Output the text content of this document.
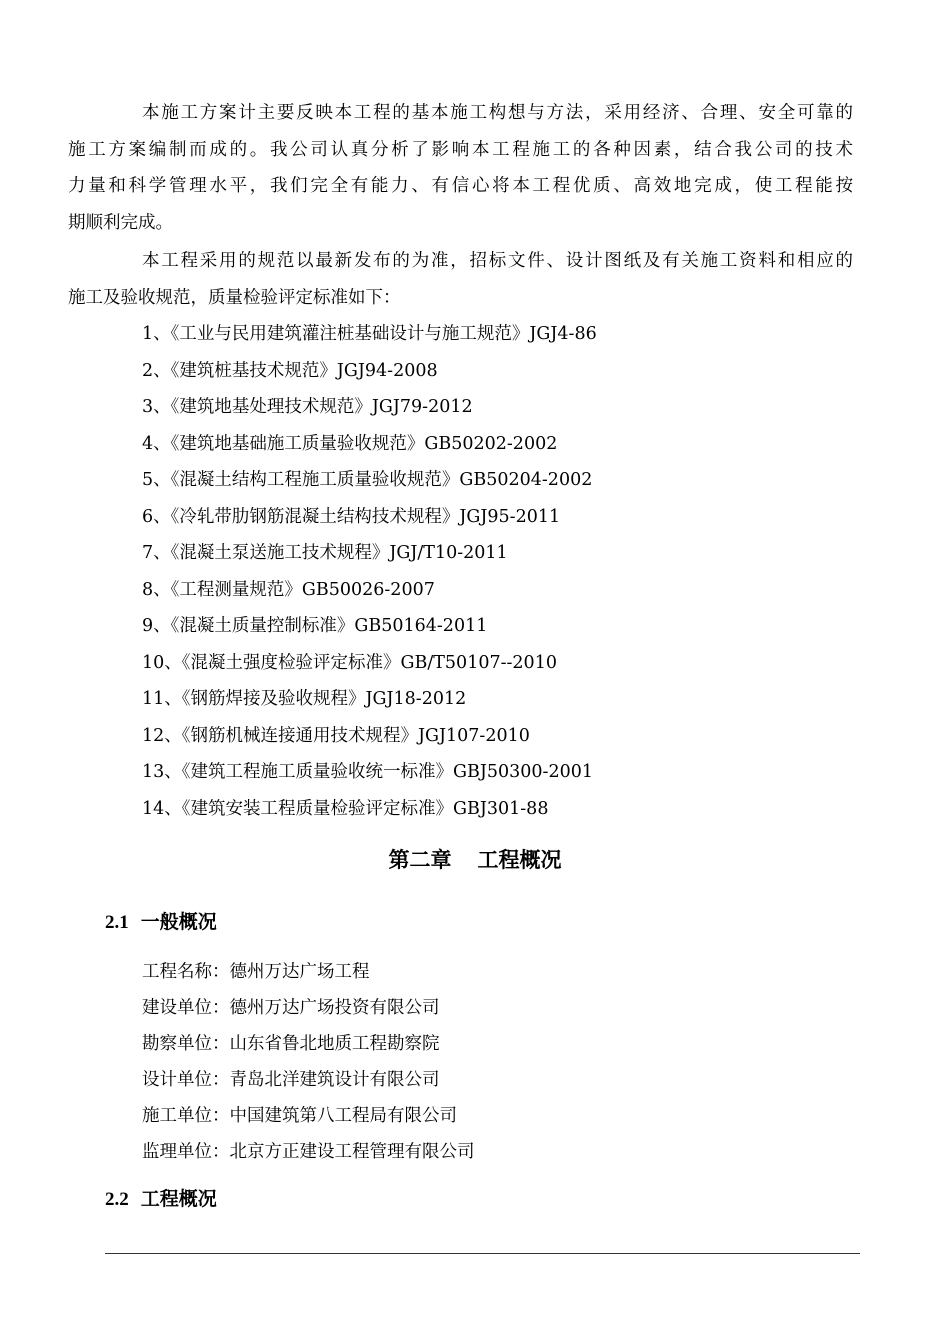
本施工方案计主要反映本工程的基本施工构想与方法，采用经济、合理、安全可靠的
施工方案编制而成的。我公司认真分析了影响本工程施工的各种因素，结合我公司的技术
力量和科学管理水平，我们完全有能力、有信心将本工程优质、高效地完成，使工程能按
期顺利完成。

本工程采用的规范以最新发布的为准，招标文件、设计图纸及有关施工资料和相应的
施工及验收规范，质量检验评定标准如下：

1、《工业与民用建筑灌注桩基础设计与施工规范》JGJ4-86
2、《建筑桩基技术规范》JGJ94-2008
3、《建筑地基处理技术规范》JGJ79-2012
4、《建筑地基础施工质量验收规范》GB50202-2002
5、《混凝土结构工程施工质量验收规范》GB50204-2002
6、《冷轧带肋钢筋混凝土结构技术规程》JGJ95-2011
7、《混凝土泵送施工技术规程》JGJ/T10-2011
8、《工程测量规范》GB50026-2007
9、《混凝土质量控制标准》GB50164-2011
10、《混凝土强度检验评定标准》GB/T50107--2010
11、《钢筋焊接及验收规程》JGJ18-2012
12、《钢筋机械连接通用技术规程》JGJ107-2010
13、《建筑工程施工质量验收统一标准》GBJ50300-2001
14、《建筑安装工程质量检验评定标准》GBJ301-88
第二章 工程概况
2.1 一般概况
工程名称：德州万达广场工程
建设单位：德州万达广场投资有限公司
勘察单位：山东省鲁北地质工程勘察院
设计单位：青岛北洋建筑设计有限公司
施工单位：中国建筑第八工程局有限公司
监理单位：北京方正建设工程管理有限公司
2.2 工程概况
